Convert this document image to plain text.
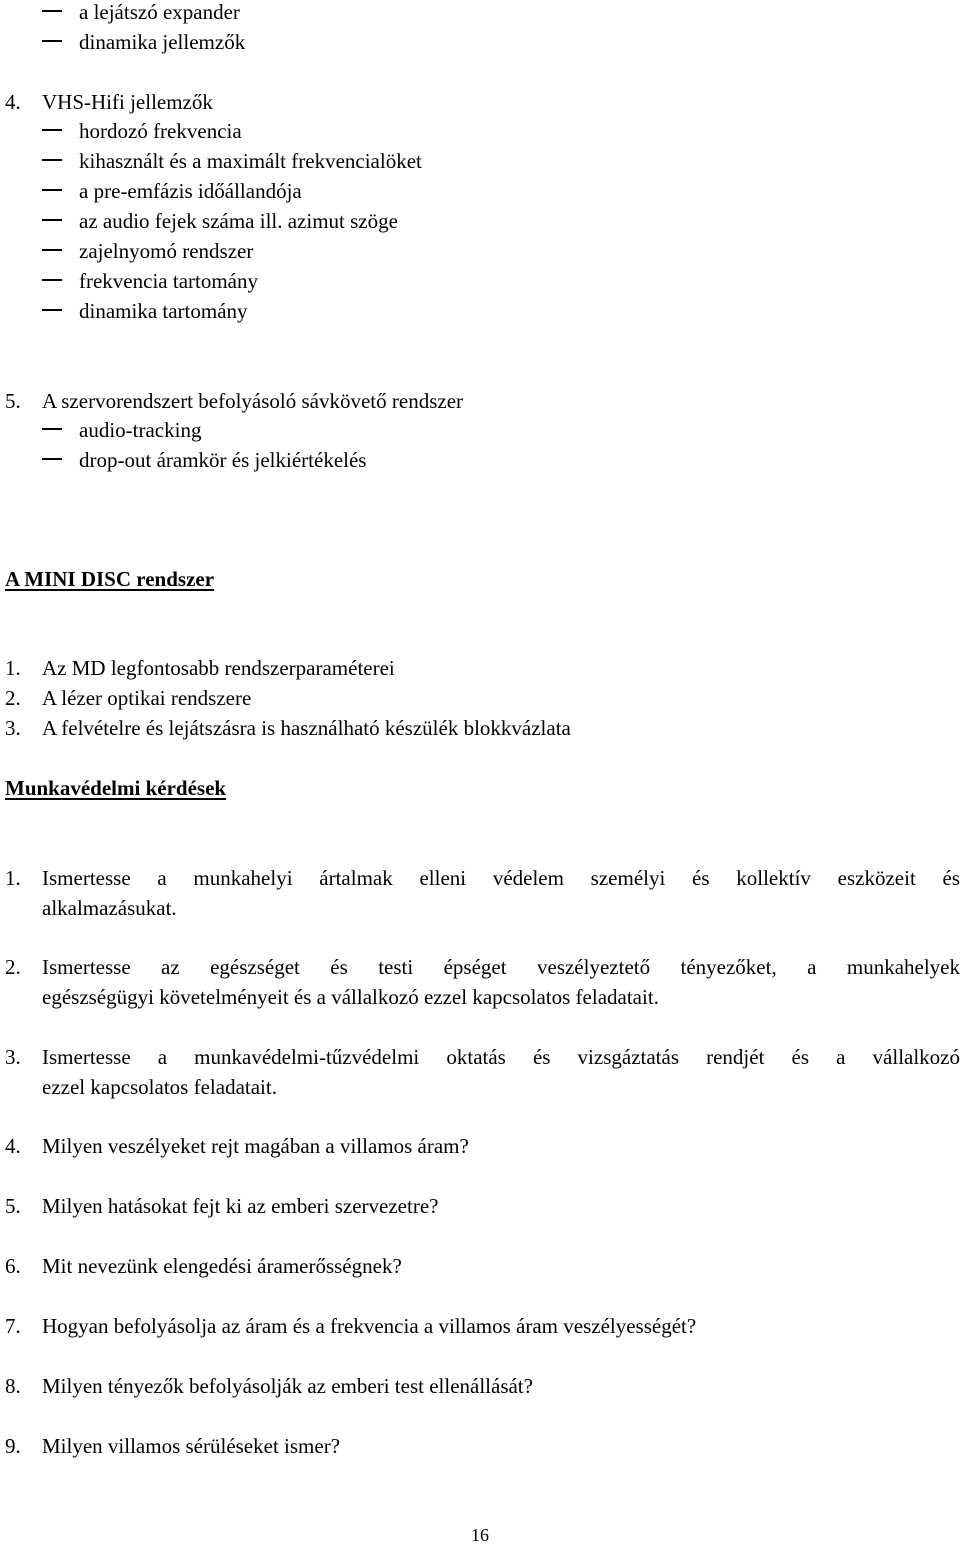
a lejátszó expander
dinamika jellemzők
4. VHS-Hifi jellemzők
hordozó frekvencia
kihasznált és a maximált frekvencialöket
a pre-emfázis időállandója
az audio fejek száma ill. azimut szöge
zajelnyomó rendszer
frekvencia tartomány
dinamika tartomány
5. A szervorendszert befolyásoló sávkövető rendszer
audio-tracking
drop-out áramkör és jelkiértékelés
A MINI DISC rendszer
1. Az MD legfontosabb rendszerparaméterei
2. A lézer optikai rendszere
3. A felvételre és lejátszásra is használható készülék blokkvázlata
Munkavédelmi kérdések
1. Ismertesse a munkahelyi ártalmak elleni védelem személyi és kollektív eszközeit és
alkalmazásukat.
2. Ismertesse az egészséget és testi épséget veszélyeztető tényezőket, a munkahelyek
egészségügyi követelményeit és a vállalkozó ezzel kapcsolatos feladatait.
3. Ismertesse a munkavédelmi-tűzvédelmi oktatás és vizsgáztatás rendjét és a vállalkozó
ezzel kapcsolatos feladatait.
4. Milyen veszélyeket rejt magában a villamos áram?
5. Milyen hatásokat fejt ki az emberi szervezetre?
6. Mit nevezünk elengedési áramerősségnek?
7. Hogyan befolyásolja az áram és a frekvencia a villamos áram veszélyességét?
8. Milyen tényezők befolyásolják az emberi test ellenállását?
9. Milyen villamos sérüléseket ismer?
16
